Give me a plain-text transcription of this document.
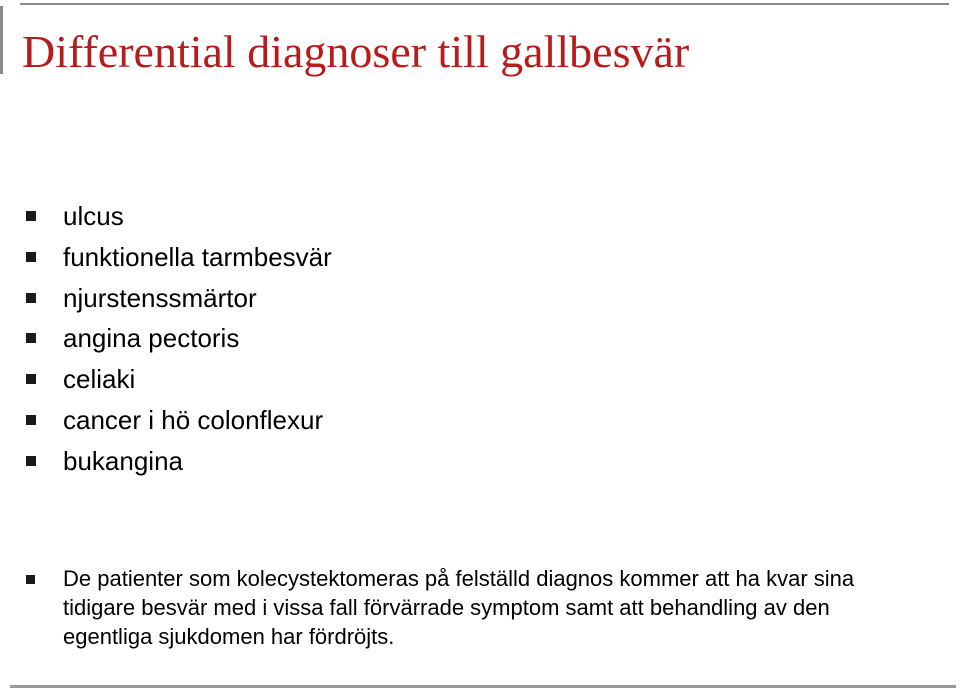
Differential diagnoser till gallbesvär
ulcus
funktionella tarmbesvär
njurstenssmärtor
angina pectoris
celiaki
cancer i hö colonflexur
bukangina

De patienter som kolecystektomeras på felställd diagnos kommer att ha kvar sina tidigare besvär med i vissa fall förvärrade symptom samt att behandling av den egentliga sjukdomen har fördröjts.
